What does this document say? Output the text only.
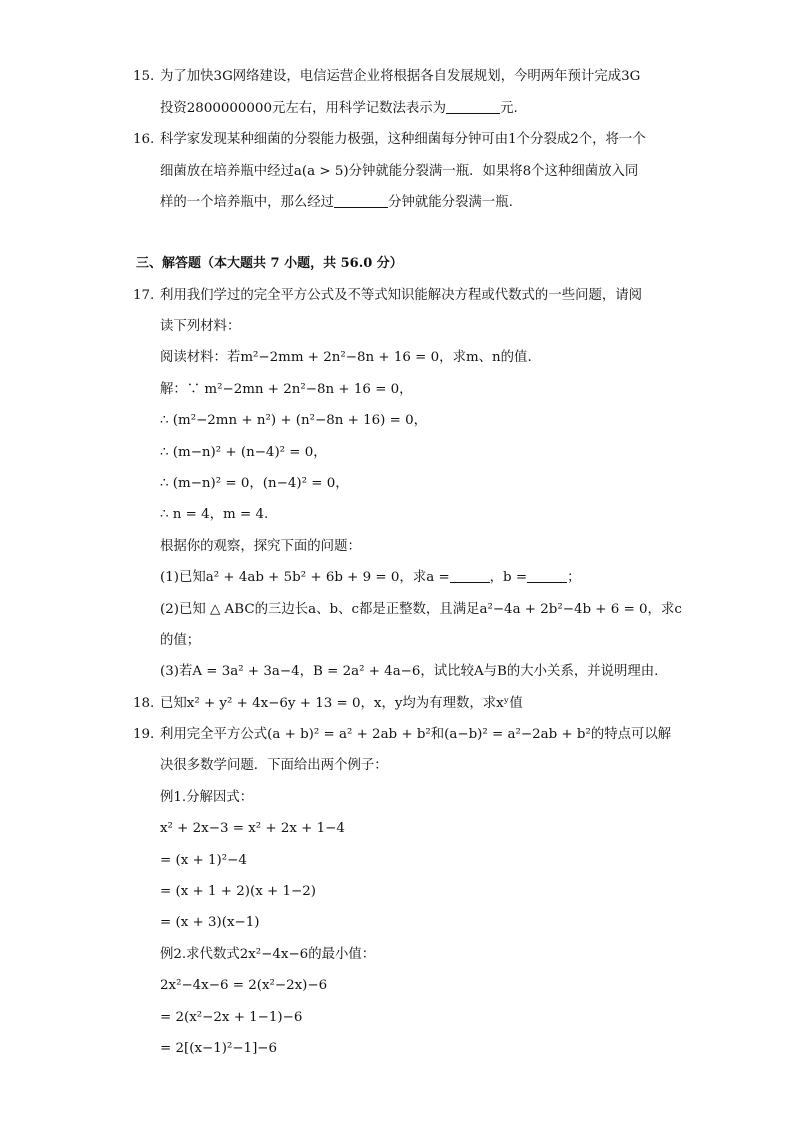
15. 为了加快3G网络建设，电信运营企业将根据各自发展规划，今明两年预计完成3G
投资2800000000元左右，用科学记数法表示为	元.
16. 科学家发现某种细菌的分裂能力极强，这种细菌每分钟可由1个分裂成2个，将一个
细菌放在培养瓶中经过a(a > 5)分钟就能分裂满一瓶．如果将8个这种细菌放入同
样的一个培养瓶中，那么经过	分钟就能分裂满一瓶.
三、解答题（本大题共 7 小题，共 56.0 分）
17. 利用我们学过的完全平方公式及不等式知识能解决方程或代数式的一些问题，请阅
读下列材料：
阅读材料：若m²−2mm + 2n²−8n + 16 = 0，求m、n的值.
解：∵ m²−2mn + 2n²−8n + 16 = 0，
∴ (m²−2mn + n²) + (n²−8n + 16) = 0，
∴ (m−n)² + (n−4)² = 0，
∴ (m−n)² = 0，(n−4)² = 0，
∴ n = 4，m = 4.
根据你的观察，探究下面的问题：
(1)已知a² + 4ab + 5b² + 6b + 9 = 0，求a =	，b =	；
(2)已知 △ ABC的三边长a、b、c都是正整数，且满足a²−4a + 2b²−4b + 6 = 0，求c
的值；
(3)若A = 3a² + 3a−4，B = 2a² + 4a−6，试比较A与B的大小关系，并说明理由.
18. 已知x² + y² + 4x−6y + 13 = 0，x，y均为有理数，求xʸ值
19. 利用完全平方公式(a + b)² = a² + 2ab + b²和(a−b)² = a²−2ab + b²的特点可以解
决很多数学问题．下面给出两个例子：
例1.分解因式：
x² + 2x−3 = x² + 2x + 1−4
= (x + 1)²−4
= (x + 1 + 2)(x + 1−2)
= (x + 3)(x−1)
例2.求代数式2x²−4x−6的最小值：
2x²−4x−6 = 2(x²−2x)−6
= 2(x²−2x + 1−1)−6
= 2[(x−1)²−1]−6
